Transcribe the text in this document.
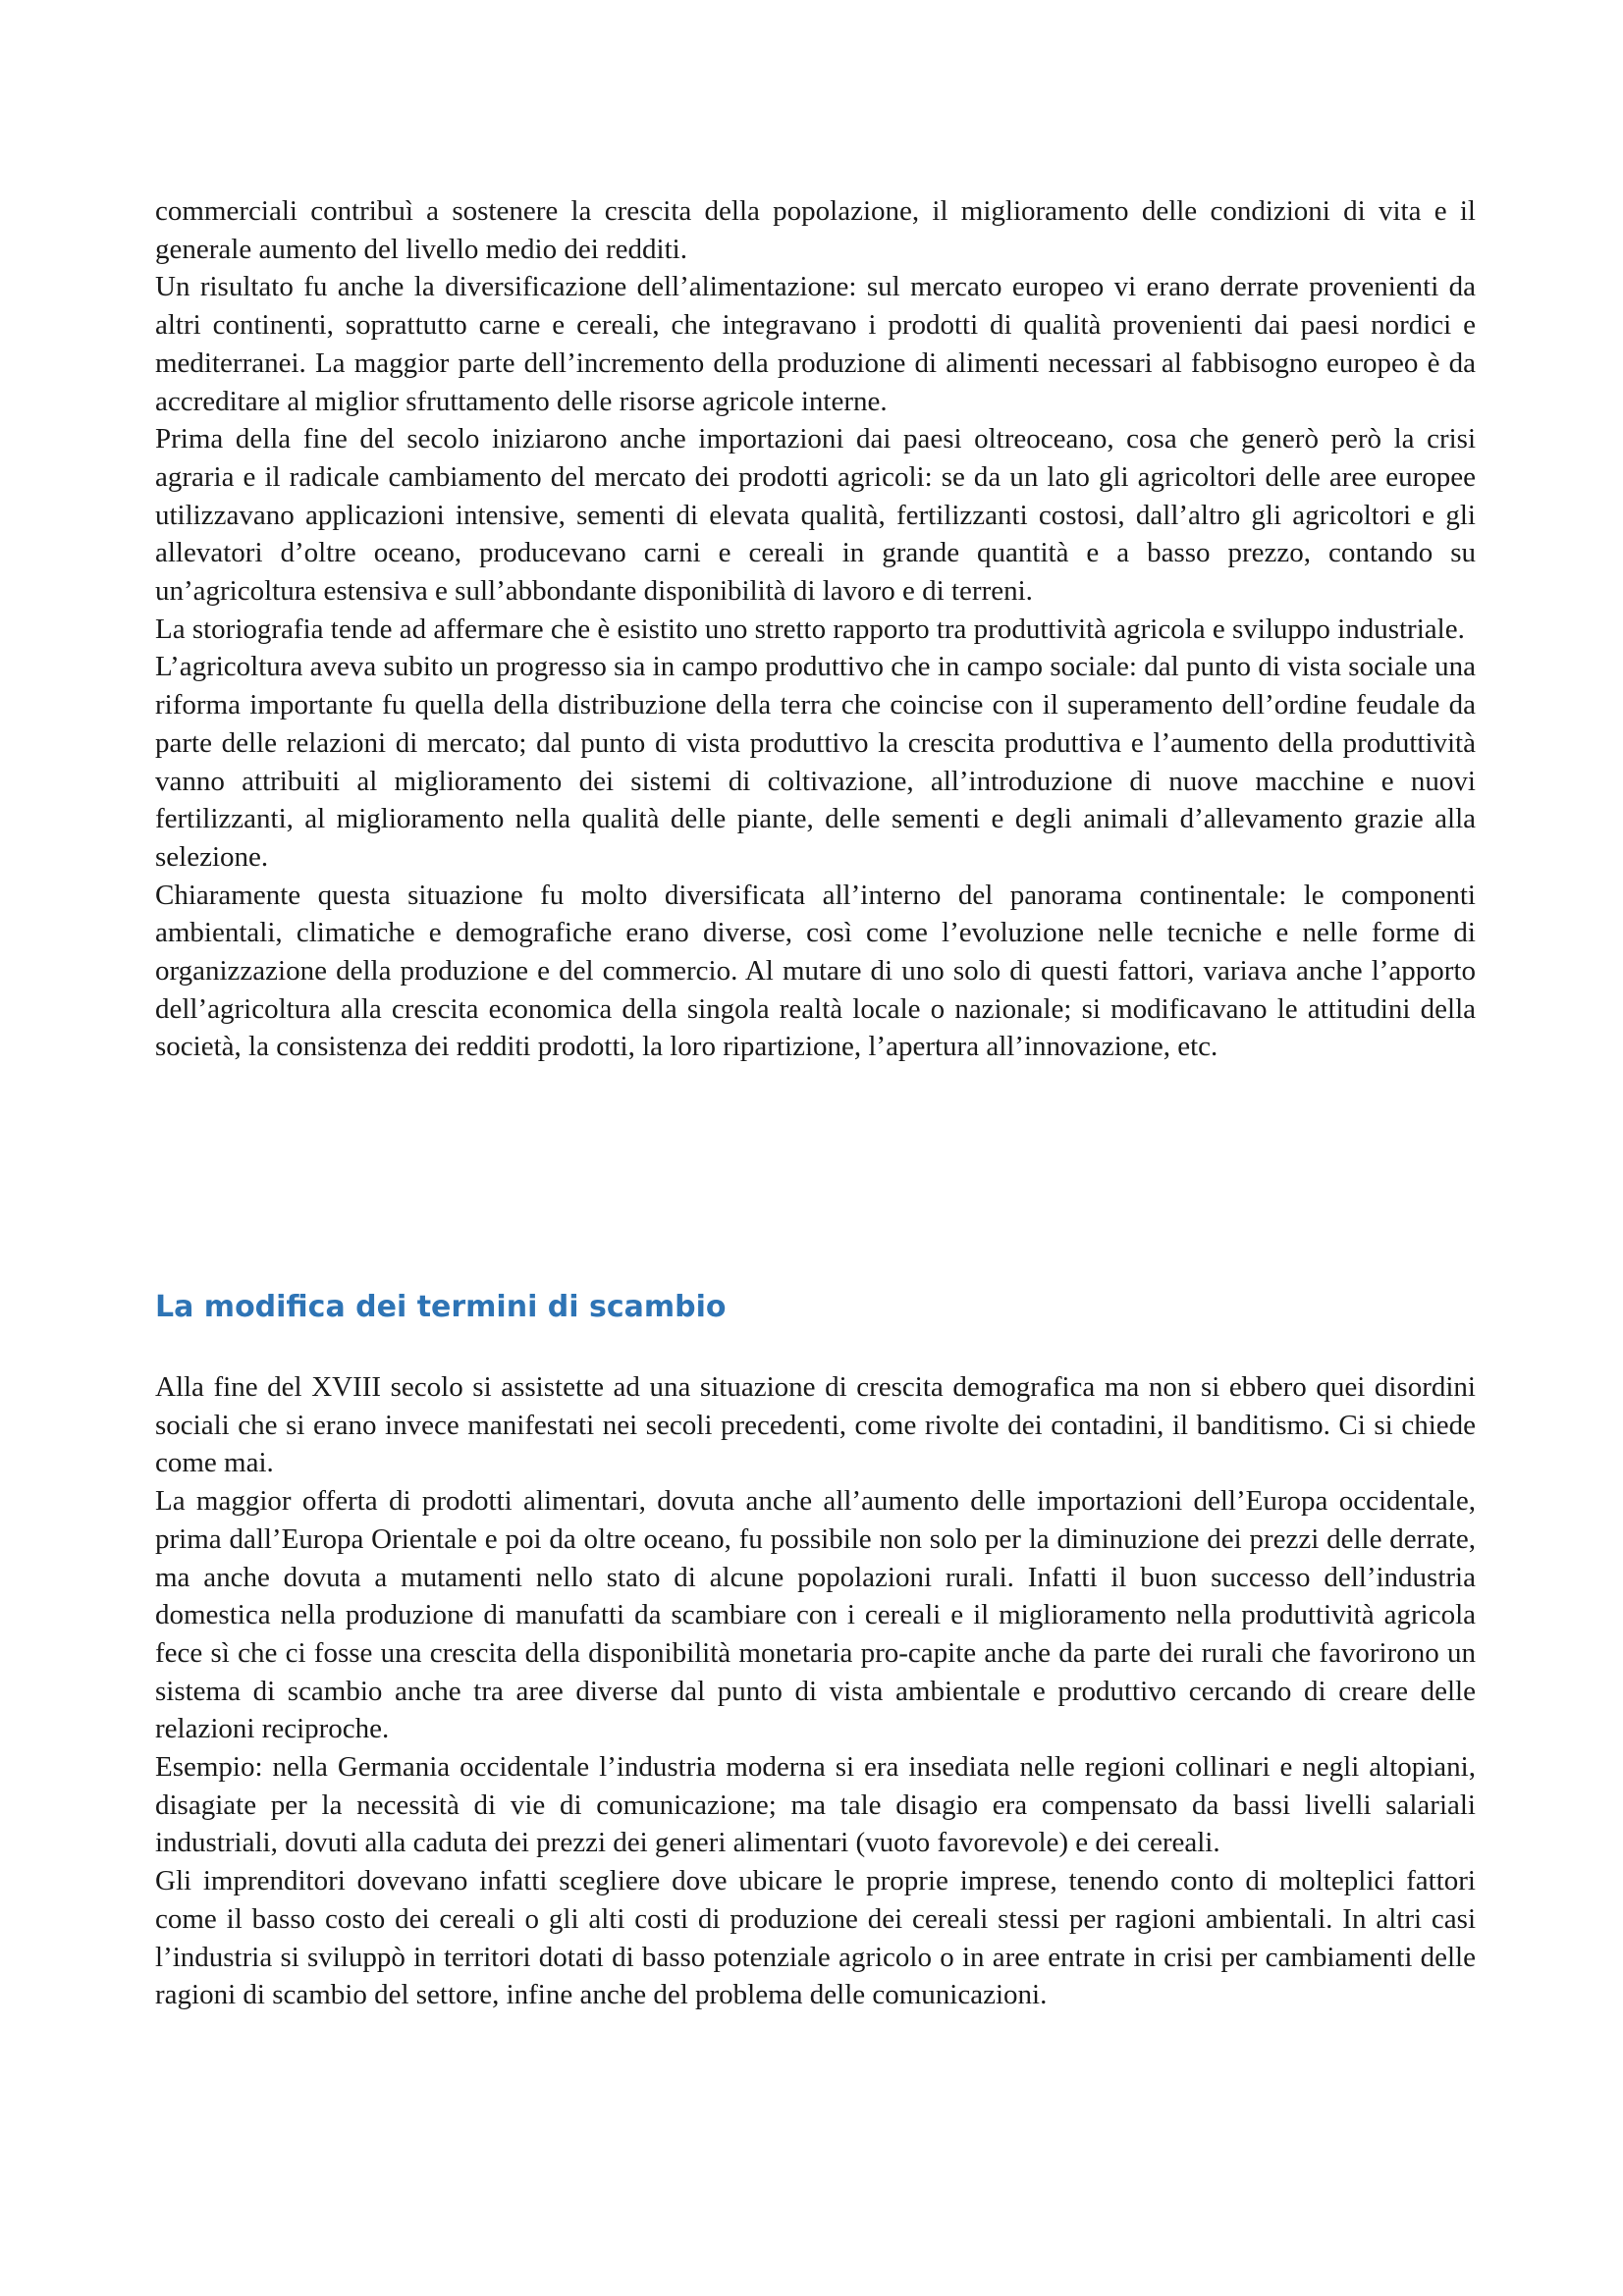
commerciali contribuì a sostenere la crescita della popolazione, il miglioramento delle condizioni di vita e il generale aumento del livello medio dei redditi.

Un risultato fu anche la diversificazione dell’alimentazione: sul mercato europeo vi erano derrate provenienti da altri continenti, soprattutto carne e cereali, che integravano i prodotti di qualità provenienti dai paesi nordici e mediterranei. La maggior parte dell’incremento della produzione di alimenti necessari al fabbisogno europeo è da accreditare al miglior sfruttamento delle risorse agricole interne.

Prima della fine del secolo iniziarono anche importazioni dai paesi oltreoceano, cosa che generò però la crisi agraria e il radicale cambiamento del mercato dei prodotti agricoli: se da un lato gli agricoltori delle aree europee utilizzavano applicazioni intensive, sementi di elevata qualità, fertilizzanti costosi, dall’altro gli agricoltori e gli allevatori d’oltre oceano, producevano carni e cereali in grande quantità e a basso prezzo, contando su un’agricoltura estensiva e sull’abbondante disponibilità di lavoro e di terreni.

La storiografia tende ad affermare che è esistito uno stretto rapporto tra produttività agricola e sviluppo industriale.

L’agricoltura aveva subito un progresso sia in campo produttivo che in campo sociale: dal punto di vista sociale una riforma importante fu quella della distribuzione della terra che coincise con il superamento dell’ordine feudale da parte delle relazioni di mercato; dal punto di vista produttivo la crescita produttiva e l’aumento della produttività vanno attribuiti al miglioramento dei sistemi di coltivazione, all’introduzione di nuove macchine e nuovi fertilizzanti, al miglioramento nella qualità delle piante, delle sementi e degli animali d’allevamento grazie alla selezione.

Chiaramente questa situazione fu molto diversificata all’interno del panorama continentale: le componenti ambientali, climatiche e demografiche erano diverse, così come l’evoluzione nelle tecniche e nelle forme di organizzazione della produzione e del commercio. Al mutare di uno solo di questi fattori, variava anche l’apporto dell’agricoltura alla crescita economica della singola realtà locale o nazionale; si modificavano le attitudini della società, la consistenza dei redditi prodotti, la loro ripartizione, l’apertura all’innovazione, etc.

La modifica dei termini di scambio

Alla fine del XVIII secolo si assistette ad una situazione di crescita demografica ma non si ebbero quei disordini sociali che si erano invece manifestati nei secoli precedenti, come rivolte dei contadini, il banditismo. Ci si chiede come mai.

La maggior offerta di prodotti alimentari, dovuta anche all’aumento delle importazioni dell’Europa occidentale, prima dall’Europa Orientale e poi da oltre oceano, fu possibile non solo per la diminuzione dei prezzi delle derrate, ma anche dovuta a mutamenti nello stato di alcune popolazioni rurali. Infatti il buon successo dell’industria domestica nella produzione di manufatti da scambiare con i cereali e il miglioramento nella produttività agricola fece sì che ci fosse una crescita della disponibilità monetaria pro-capite anche da parte dei rurali che favorirono un sistema di scambio anche tra aree diverse dal punto di vista ambientale e produttivo cercando di creare delle relazioni reciproche.

Esempio: nella Germania occidentale l’industria moderna si era insediata nelle regioni collinari e negli altopiani, disagiate per la necessità di vie di comunicazione; ma tale disagio era compensato da bassi livelli salariali industriali, dovuti alla caduta dei prezzi dei generi alimentari (vuoto favorevole) e dei cereali.

Gli imprenditori dovevano infatti scegliere dove ubicare le proprie imprese, tenendo conto di molteplici fattori come il basso costo dei cereali o gli alti costi di produzione dei cereali stessi per ragioni ambientali. In altri casi l’industria si sviluppò in territori dotati di basso potenziale agricolo o in aree entrate in crisi per cambiamenti delle ragioni di scambio del settore, infine anche del problema delle comunicazioni.
